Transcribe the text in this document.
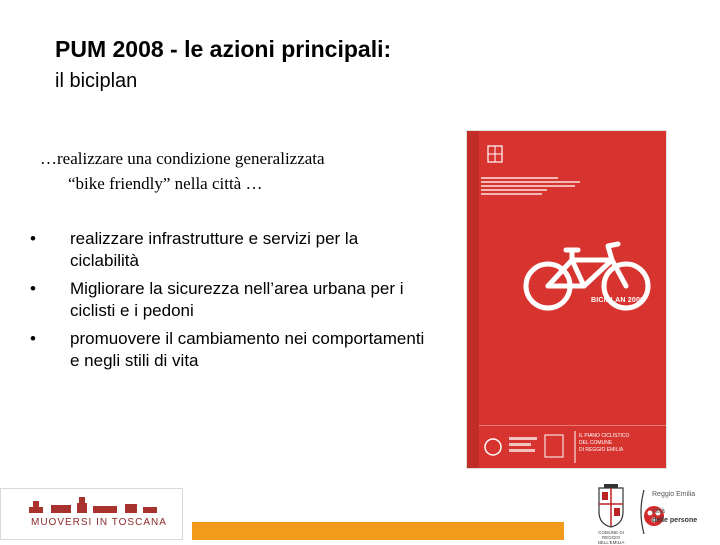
PUM 2008 - le azioni principali:
il biciplan
…realizzare una condizione generalizzata
“bike friendly” nella città …
• realizzare infrastrutture e servizi per la ciclabilità
• Migliorare la sicurezza nell’area urbana per i ciclisti e i pedoni
• promuovere il cambiamento nei comportamenti e negli stili di vita
BICIPLAN 2008
IL PIANO CICLISTICO
DEL COMUNE
DI REGGIO EMILIA
MUOVERSI IN TOSCANA
COMUNE DI
REGGIO NELL'EMILIA
Reggio Emilia
città
delle persone
